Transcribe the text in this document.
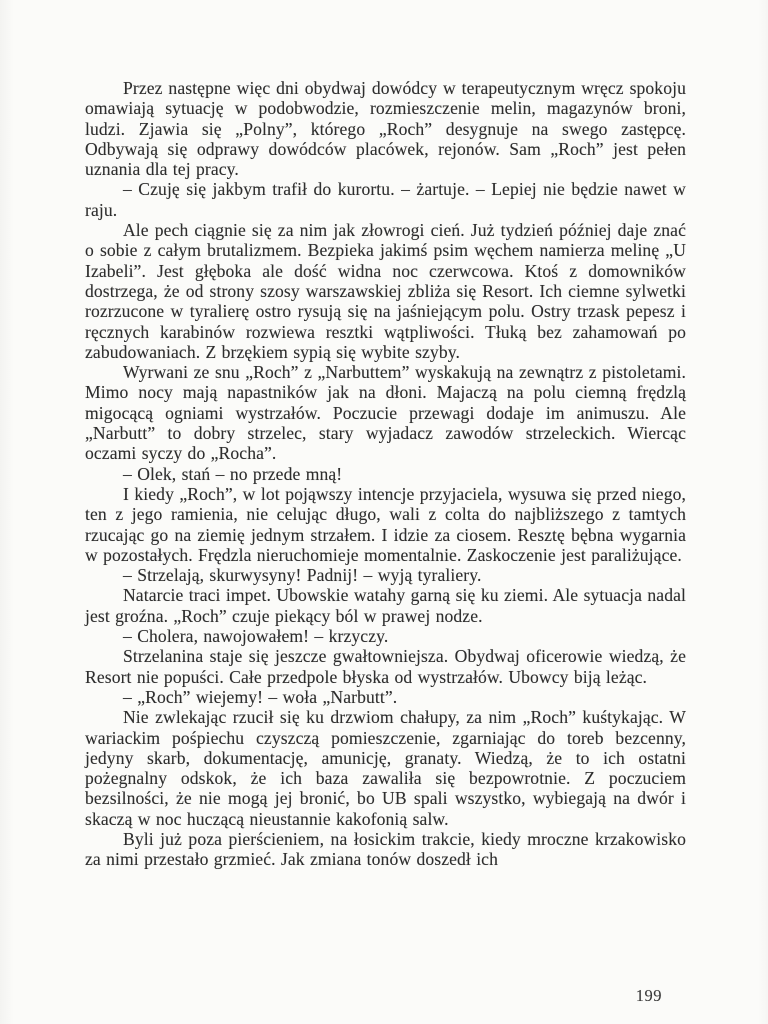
Przez następne więc dni obydwaj dowódcy w terapeutycznym wręcz spokoju omawiają sytuację w podobwodzie, rozmieszczenie melin, magazynów broni, ludzi. Zjawia się „Polny”, którego „Roch” desygnuje na swego zastępcę. Odbywają się odprawy dowódców placówek, rejonów. Sam „Roch” jest pełen uznania dla tej pracy.

– Czuję się jakbym trafił do kurortu. – żartuje. – Lepiej nie będzie nawet w raju.

Ale pech ciągnie się za nim jak złowrogi cień. Już tydzień później daje znać o sobie z całym brutalizmem. Bezpieka jakimś psim węchem namierza melinę „U Izabeli”. Jest głęboka ale dość widna noc czerwcowa. Ktoś z domowników dostrzega, że od strony szosy warszawskiej zbliża się Resort. Ich ciemne sylwetki rozrzucone w tyralierę ostro rysują się na jaśniejącym polu. Ostry trzask pepesz i ręcznych karabinów rozwiewa resztki wątpliwości. Tłuką bez zahamowań po zabudowaniach. Z brzękiem sypią się wybite szyby.

Wyrwani ze snu „Roch” z „Narbuttem” wyskakują na zewnątrz z pistoletami. Mimo nocy mają napastników jak na dłoni. Majaczą na polu ciemną frędzlą migocącą ogniami wystrzałów. Poczucie przewagi dodaje im animuszu. Ale „Narbutt” to dobry strzelec, stary wyjadacz zawodów strzeleckich. Wiercąc oczami syczy do „Rocha”.

– Olek, stań – no przede mną!

I kiedy „Roch”, w lot pojąwszy intencje przyjaciela, wysuwa się przed niego, ten z jego ramienia, nie celując długo, wali z colta do najbliższego z tamtych rzucając go na ziemię jednym strzałem. I idzie za ciosem. Resztę bębna wygarnia w pozostałych. Frędzla nieruchomieje momentalnie. Zaskoczenie jest paraliżujące.

– Strzelają, skurwysyny! Padnij! – wyją tyraliery.

Natarcie traci impet. Ubowskie watahy garną się ku ziemi. Ale sytuacja nadal jest groźna. „Roch” czuje piekący ból w prawej nodze.

– Cholera, nawojowałem! – krzyczy.

Strzelanina staje się jeszcze gwałtowniejsza. Obydwaj oficerowie wiedzą, że Resort nie popuści. Całe przedpole błyska od wystrzałów. Ubowcy biją leżąc.

– „Roch” wiejemy! – woła „Narbutt”.

Nie zwlekając rzucił się ku drzwiom chałupy, za nim „Roch” kuśtykając. W wariackim pośpiechu czyszczą pomieszczenie, zgarniając do toreb bezcenny, jedyny skarb, dokumentację, amunicję, granaty. Wiedzą, że to ich ostatni pożegnalny odskok, że ich baza zawaliła się bezpowrotnie. Z poczuciem bezsilności, że nie mogą jej bronić, bo UB spali wszystko, wybiegają na dwór i skaczą w noc huczącą nieustannie kakofonią salw.

Byli już poza pierścieniem, na łosickim trakcie, kiedy mroczne krzakowisko za nimi przestało grzmieć. Jak zmiana tonów doszedł ich

199
